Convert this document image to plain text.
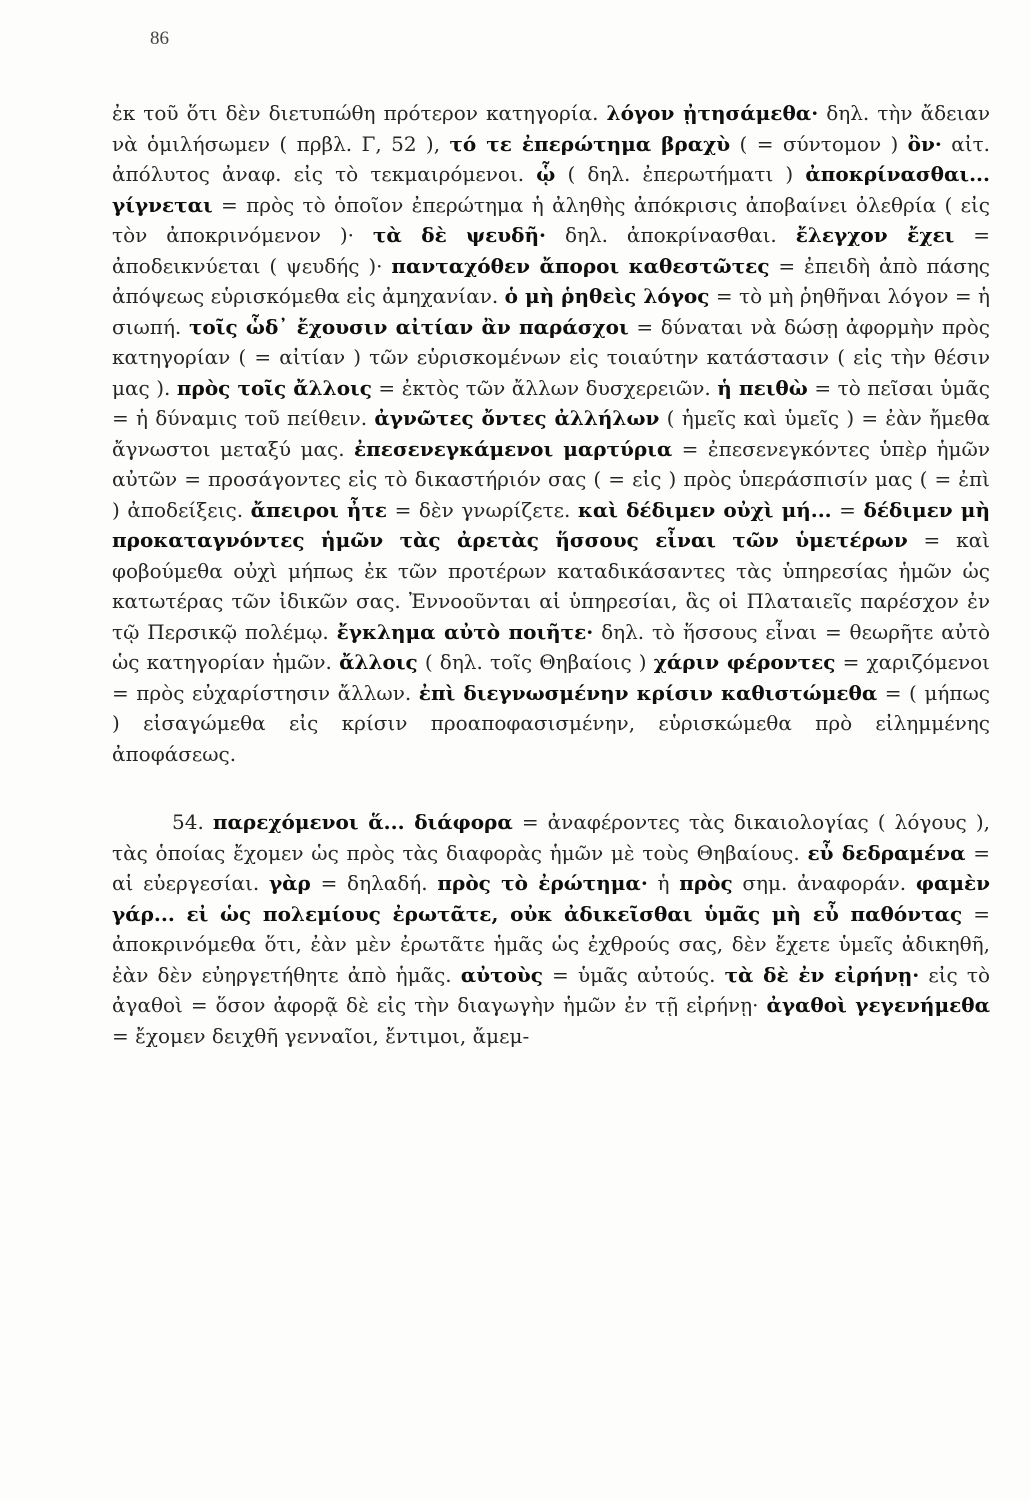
86

ἐκ τοῦ ὅτι δὲν διετυπώθη πρότερον κατηγορία. λόγον ᾐτησάμεθα· δηλ. τὴν ἄδειαν νὰ ὁμιλήσωμεν ( πρβλ. Γ, 52 ), τό τε ἐπερώτημα βραχὺ ( = σύντομον ) ὂν· αἰτ. ἀπόλυτος ἀναφ. εἰς τὸ τεκμαιρόμενοι. ᾧ ( δηλ. ἐπερωτήματι ) ἀποκρίνασθαι... γίγνεται = πρὸς τὸ ὁποῖον ἐπερώτημα ἡ ἀληθὴς ἀπόκρισις ἀποβαίνει ὀλεθρία ( εἰς τὸν ἀποκρινόμενον )· τὰ δὲ ψευδῆ· δηλ. ἀποκρίνασθαι. ἔλεγχον ἔχει = ἀποδεικνύεται ( ψευδής )· πανταχόθεν ἄποροι καθεστῶτες = ἐπειδὴ ἀπὸ πάσης ἀπόψεως εὑρισκόμεθα εἰς ἀμηχανίαν. ὁ μὴ ῥηθεὶς λόγος = τὸ μὴ ῥηθῆναι λόγον = ἡ σιωπή. τοῖς ὧδ᾽ ἔχουσιν αἰτίαν ἂν παράσχοι = δύναται νὰ δώσῃ ἀφορμὴν πρὸς κατηγορίαν ( = αἰτίαν ) τῶν εὑρισκομένων εἰς τοιαύτην κατάστασιν ( εἰς τὴν θέσιν μας ). πρὸς τοῖς ἄλλοις = ἐκτὸς τῶν ἄλλων δυσχερειῶν. ἡ πειθὼ = τὸ πεῖσαι ὑμᾶς = ἡ δύναμις τοῦ πείθειν. ἀγνῶτες ὄντες ἀλλήλων ( ἡμεῖς καὶ ὑμεῖς ) = ἐὰν ἤμεθα ἄγνωστοι μεταξύ μας. ἐπεσενεγκάμενοι μαρτύρια = ἐπεσενεγκόντες ὑπὲρ ἡμῶν αὐτῶν = προσάγοντες εἰς τὸ δικαστήριόν σας ( = εἰς ) πρὸς ὑπεράσπισίν μας ( = ἐπὶ ) ἀποδείξεις. ἄπειροι ἦτε = δὲν γνωρίζετε. καὶ δέδιμεν οὐχὶ μή... = δέδιμεν μὴ προκαταγνόντες ἡμῶν τὰς ἀρετὰς ἥσσους εἶναι τῶν ὑμετέρων = καὶ φοβούμεθα οὐχὶ μήπως ἐκ τῶν προτέρων καταδικάσαντες τὰς ὑπηρεσίας ἡμῶν ὡς κατωτέρας τῶν ἰδικῶν σας. Ἐννοοῦνται αἱ ὑπηρεσίαι, ἃς οἱ Πλαταιεῖς παρέσχον ἐν τῷ Περσικῷ πολέμῳ. ἔγκλημα αὐτὸ ποιῆτε· δηλ. τὸ ἥσσους εἶναι = θεωρῆτε αὐτὸ ὡς κατηγορίαν ἡμῶν. ἄλλοις ( δηλ. τοῖς Θηβαίοις ) χάριν φέροντες = χαριζόμενοι = πρὸς εὐχαρίστησιν ἄλλων. ἐπὶ διεγνωσμένην κρίσιν καθιστώμεθα = ( μήπως ) εἰσαγώμεθα εἰς κρίσιν προαποφασισμένην, εὑρισκώμεθα πρὸ εἰλημμένης ἀποφάσεως.

54. παρεχόμενοι ἅ... διάφορα = ἀναφέροντες τὰς δικαιολογίας ( λόγους ), τὰς ὁποίας ἔχομεν ὡς πρὸς τὰς διαφορὰς ἡμῶν μὲ τοὺς Θηβαίους. εὖ δεδραμένα = αἱ εὐεργεσίαι. γὰρ = δηλαδή. πρὸς τὸ ἐρώτημα· ἡ πρὸς σημ. ἀναφοράν. φαμὲν γάρ... εἰ ὡς πολεμίους ἐρωτᾶτε, οὐκ ἀδικεῖσθαι ὑμᾶς μὴ εὖ παθόντας = ἀποκρινόμεθα ὅτι, ἐὰν μὲν ἐρωτᾶτε ἡμᾶς ὡς ἐχθρούς σας, δὲν ἔχετε ὑμεῖς ἀδικηθῆ, ἐὰν δὲν εὐηργετήθητε ἀπὸ ἡμᾶς. αὐτοὺς = ὑμᾶς αὐτούς. τὰ δὲ ἐν εἰρήνῃ· εἰς τὸ ἀγαθοὶ = ὅσον ἀφορᾷ δὲ εἰς τὴν διαγωγὴν ἡμῶν ἐν τῇ εἰρήνῃ· ἀγαθοὶ γεγενήμεθα = ἔχομεν δειχθῆ γενναῖοι, ἔντιμοι, ἄμεμ-
